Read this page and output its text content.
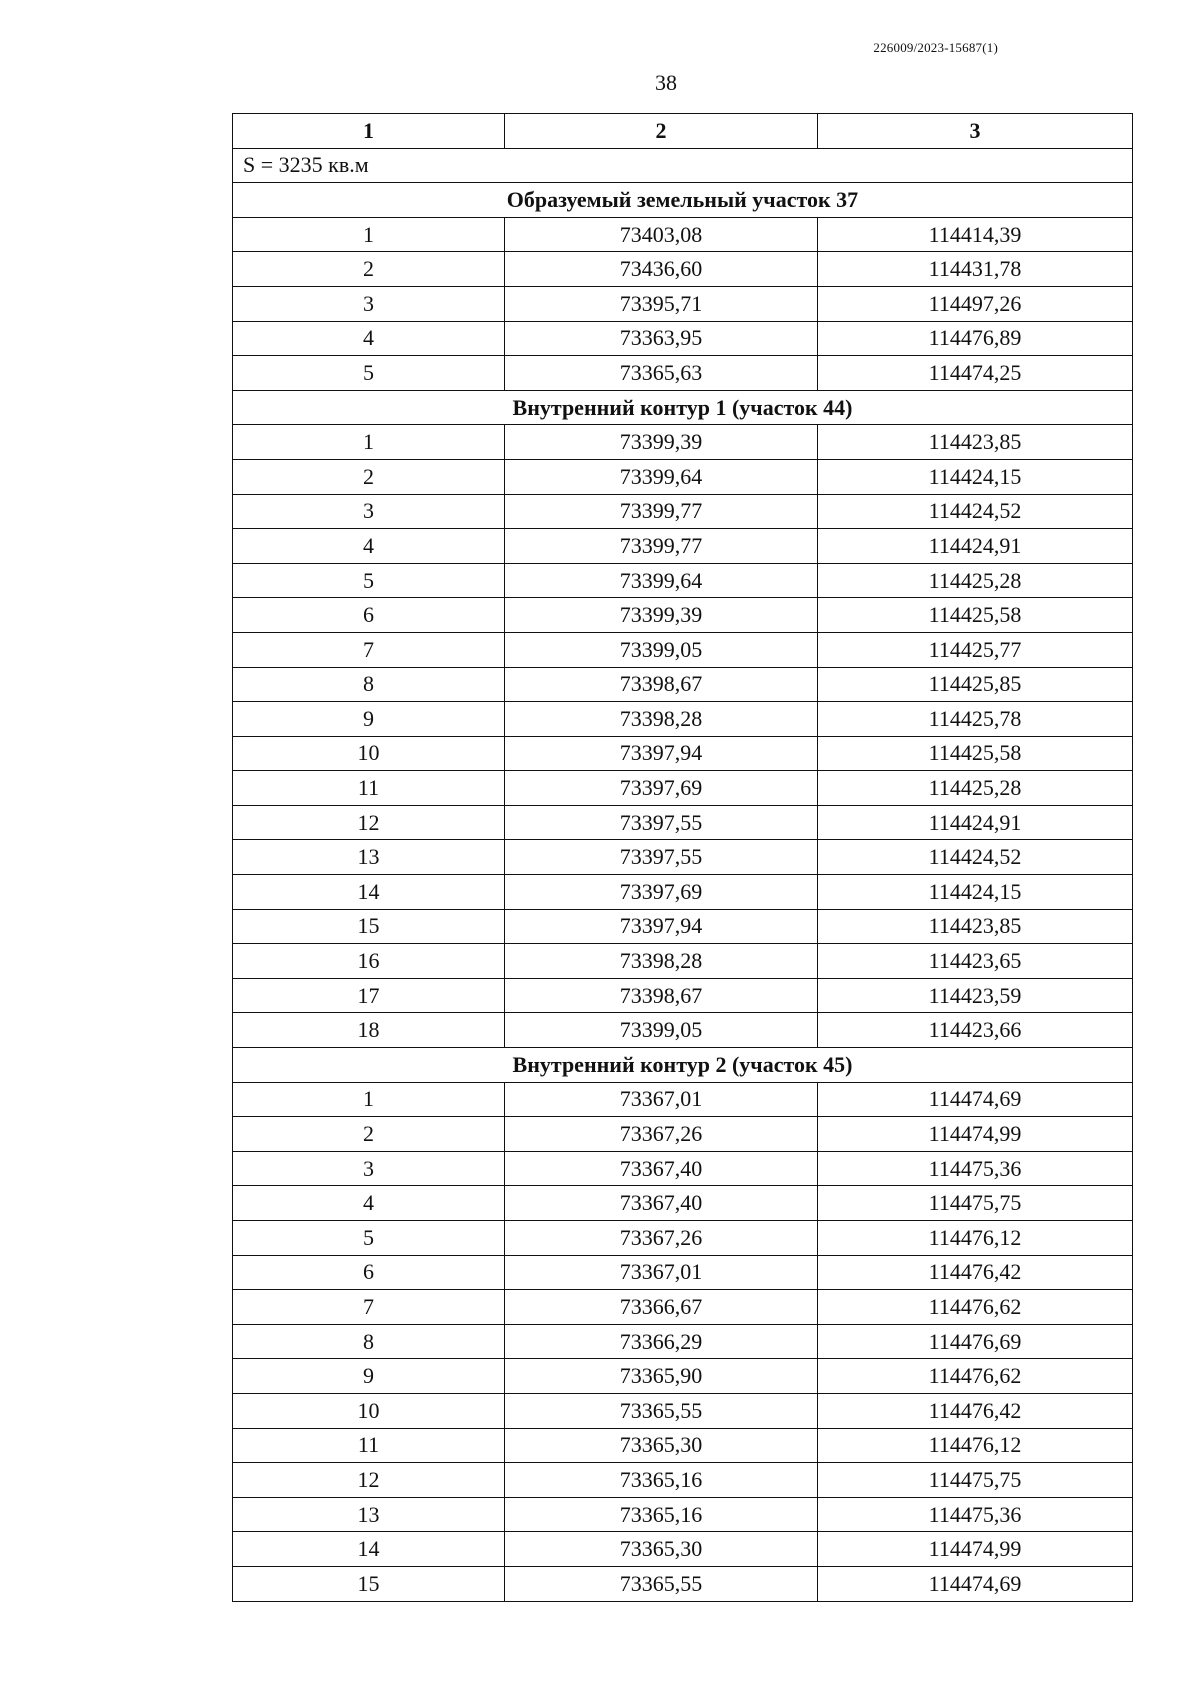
226009/2023-15687(1)
38
1	2	3
S = 3235 кв.м		
Образуемый земельный участок 37		
1	73403,08	114414,39
2	73436,60	114431,78
3	73395,71	114497,26
4	73363,95	114476,89
5	73365,63	114474,25
Внутренний контур 1 (участок 44)		
1	73399,39	114423,85
2	73399,64	114424,15
3	73399,77	114424,52
4	73399,77	114424,91
5	73399,64	114425,28
6	73399,39	114425,58
7	73399,05	114425,77
8	73398,67	114425,85
9	73398,28	114425,78
10	73397,94	114425,58
11	73397,69	114425,28
12	73397,55	114424,91
13	73397,55	114424,52
14	73397,69	114424,15
15	73397,94	114423,85
16	73398,28	114423,65
17	73398,67	114423,59
18	73399,05	114423,66
Внутренний контур 2 (участок 45)		
1	73367,01	114474,69
2	73367,26	114474,99
3	73367,40	114475,36
4	73367,40	114475,75
5	73367,26	114476,12
6	73367,01	114476,42
7	73366,67	114476,62
8	73366,29	114476,69
9	73365,90	114476,62
10	73365,55	114476,42
11	73365,30	114476,12
12	73365,16	114475,75
13	73365,16	114475,36
14	73365,30	114474,99
15	73365,55	114474,69
